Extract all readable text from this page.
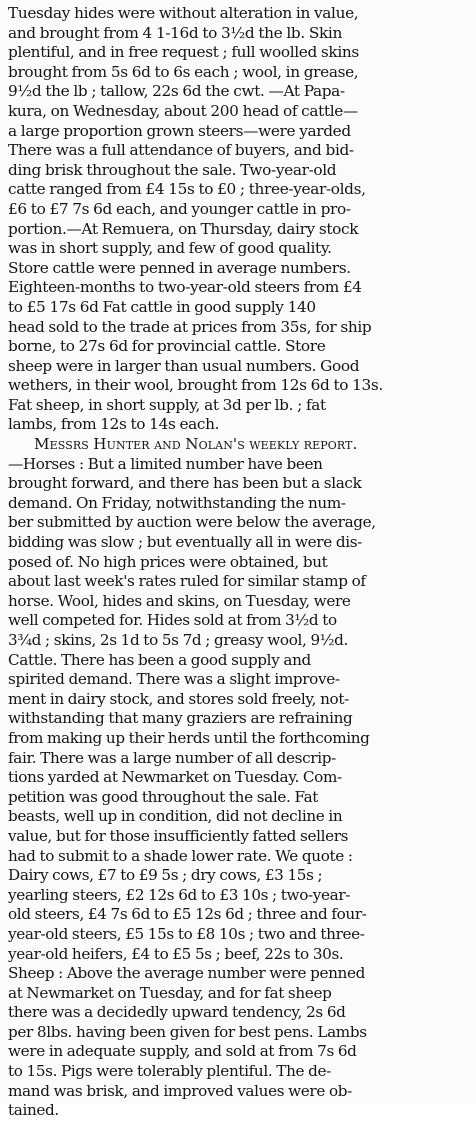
Tuesday hides were without alteration in value,
and brought from 4 1-16d to 3½d the lb. Skin
plentiful, and in free request ; full woolled skins
brought from 5s 6d to 6s each ; wool, in grease,
9½d the lb ; tallow, 22s 6d the cwt. —At Papa-
kura, on Wednesday, about 200 head of cattle—
a large proportion grown steers—were yarded
There was a full attendance of buyers, and bid-
ding brisk throughout the sale. Two-year-old
catte ranged from £4 15s to £0 ; three-year-olds,
£6 to £7 7s 6d each, and younger cattle in pro-
portion.—At Remuera, on Thursday, dairy stock
was in short supply, and few of good quality.
Store cattle were penned in average numbers.
Eighteen-months to two-year-old steers from £4
to £5 17s 6d Fat cattle in good supply 140
head sold to the trade at prices from 35s, for ship
borne, to 27s 6d for provincial cattle. Store
sheep were in larger than usual numbers. Good
wethers, in their wool, brought from 12s 6d to 13s.
Fat sheep, in short supply, at 3d per lb. ; fat
lambs, from 12s to 14s each.
Messrs Hunter and Nolan's weekly report.
—Horses : But a limited number have been
brought forward, and there has been but a slack
demand. On Friday, notwithstanding the num-
ber submitted by auction were below the average,
bidding was slow ; but eventually all in were dis-
posed of. No high prices were obtained, but
about last week's rates ruled for similar stamp of
horse. Wool, hides and skins, on Tuesday, were
well competed for. Hides sold at from 3½d to
3¾d ; skins, 2s 1d to 5s 7d ; greasy wool, 9½d.
Cattle. There has been a good supply and
spirited demand. There was a slight improve-
ment in dairy stock, and stores sold freely, not-
withstanding that many graziers are refraining
from making up their herds until the forthcoming
fair. There was a large number of all descrip-
tions yarded at Newmarket on Tuesday. Com-
petition was good throughout the sale. Fat
beasts, well up in condition, did not decline in
value, but for those insufficiently fatted sellers
had to submit to a shade lower rate. We quote :
Dairy cows, £7 to £9 5s ; dry cows, £3 15s ;
yearling steers, £2 12s 6d to £3 10s ; two-year-
old steers, £4 7s 6d to £5 12s 6d ; three and four-
year-old steers, £5 15s to £8 10s ; two and three-
year-old heifers, £4 to £5 5s ; beef, 22s to 30s.
Sheep : Above the average number were penned
at Newmarket on Tuesday, and for fat sheep
there was a decidedly upward tendency, 2s 6d
per 8lbs. having been given for best pens. Lambs
were in adequate supply, and sold at from 7s 6d
to 15s. Pigs were tolerably plentiful. The de-
mand was brisk, and improved values were ob-
tained.
